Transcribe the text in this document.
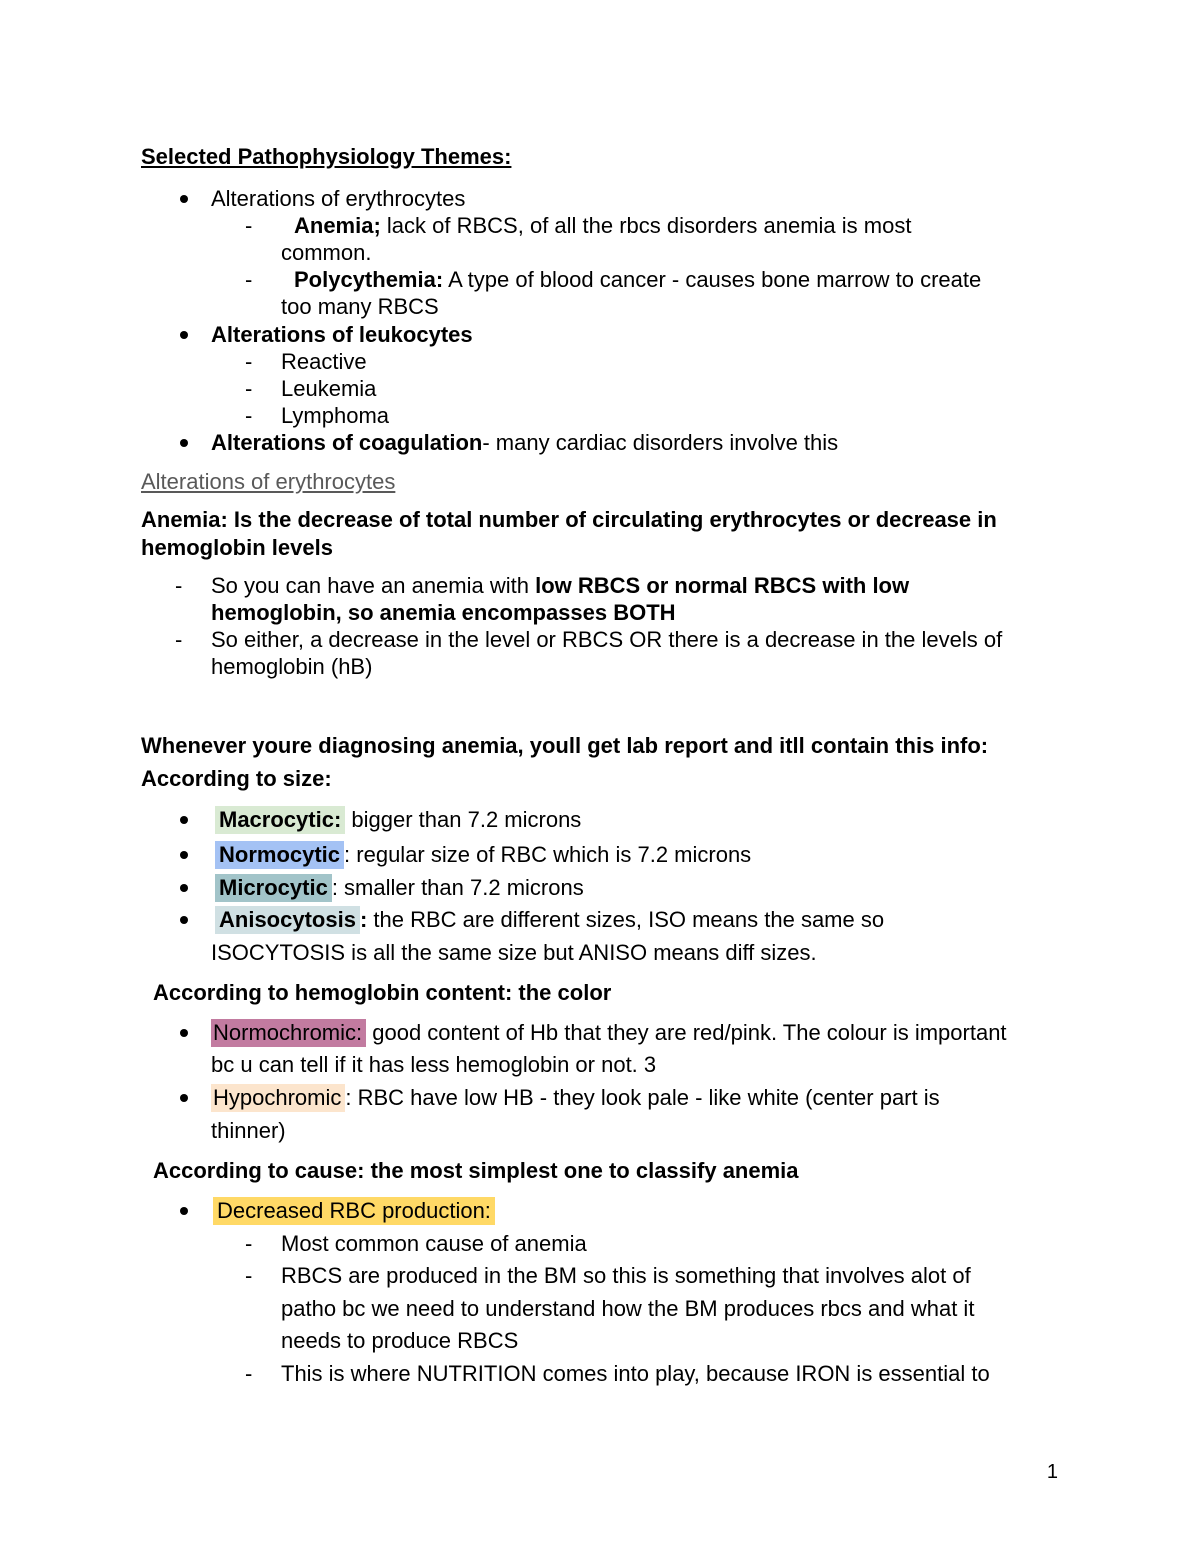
Selected Pathophysiology Themes:
Alterations of erythrocytes
- Anemia; lack of RBCS, of all the rbcs disorders anemia is most
common.
- Polycythemia: A type of blood cancer - causes bone marrow to create
too many RBCS
Alterations of leukocytes
- Reactive
- Leukemia
- Lymphoma
Alterations of coagulation- many cardiac disorders involve this
Alterations of erythrocytes
Anemia: Is the decrease of total number of circulating erythrocytes or decrease in
hemoglobin levels
- So you can have an anemia with low RBCS or normal RBCS with low
hemoglobin, so anemia encompasses BOTH
- So either, a decrease in the level or RBCS OR there is a decrease in the levels of
hemoglobin (hB)
Whenever youre diagnosing anemia, youll get lab report and itll contain this info:
According to size:
Macrocytic: bigger than 7.2 microns
Normocytic : regular size of RBC which is 7.2 microns
Microcytic : smaller than 7.2 microns
Anisocytosis : the RBC are different sizes, ISO means the same so
ISOCYTOSIS is all the same size but ANISO means diff sizes.
According to hemoglobin content: the color
Normochromic: good content of Hb that they are red/pink. The colour is important
bc u can tell if it has less hemoglobin or not. 3
Hypochromic : RBC have low HB - they look pale - like white (center part is
thinner)
According to cause: the most simplest one to classify anemia
Decreased RBC production:
- Most common cause of anemia
- RBCS are produced in the BM so this is something that involves alot of
patho bc we need to understand how the BM produces rbcs and what it
needs to produce RBCS
- This is where NUTRITION comes into play, because IRON is essential to
1
